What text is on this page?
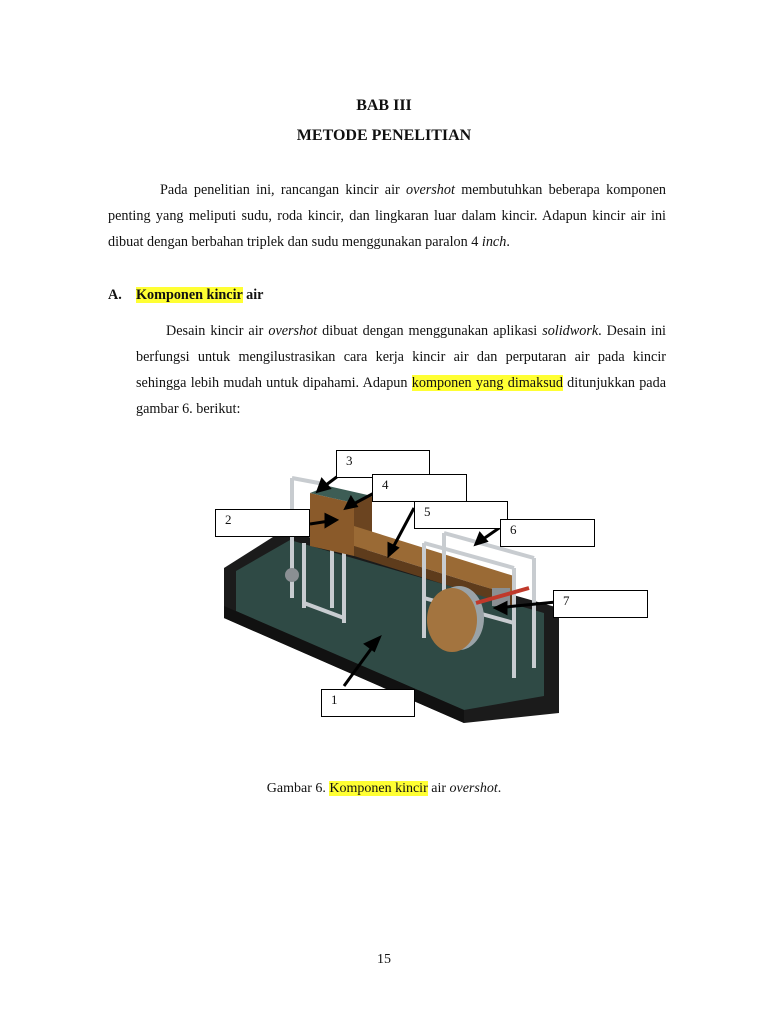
BAB III
METODE PENELITIAN
Pada penelitian ini, rancangan kincir air overshot membutuhkan beberapa komponen penting yang meliputi sudu, roda kincir, dan lingkaran luar dalam kincir. Adapun kincir air ini dibuat dengan berbahan triplek dan sudu menggunakan paralon 4 inch.
A. Komponen kincir air
Desain kincir air overshot dibuat dengan menggunakan aplikasi solidwork. Desain ini berfungsi untuk mengilustrasikan cara kerja kincir air dan perputaran air pada kincir sehingga lebih mudah untuk dipahami. Adapun komponen yang dimaksud ditunjukkan pada gambar 6. berikut:
1
2
3
4
5
6
7
Gambar 6. Komponen kincir air overshot.
15
